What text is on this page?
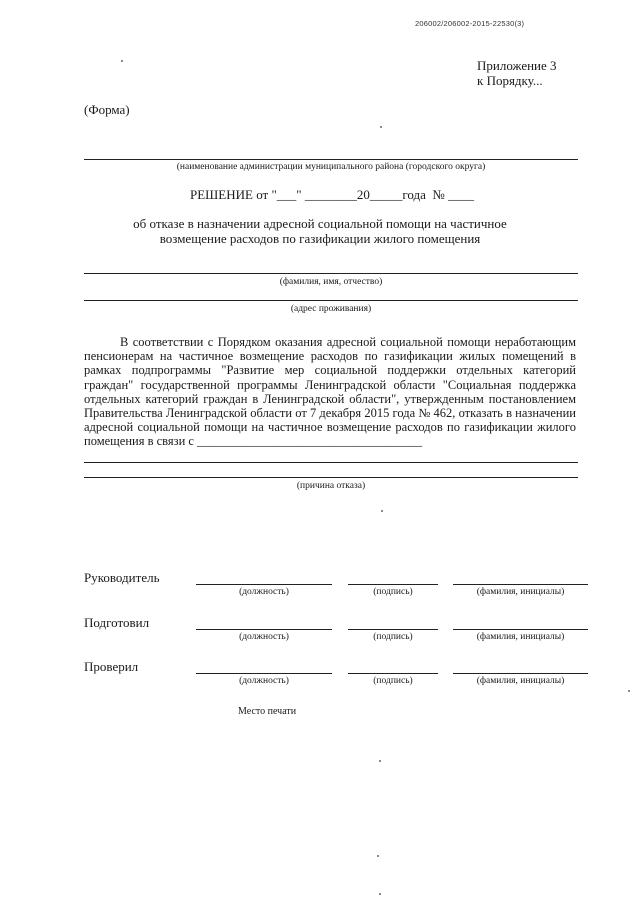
206002/206002-2015-22530(3)
Приложение 3
к Порядку...
(Форма)
(наименование администрации муниципального района (городского округа)
РЕШЕНИЕ от "___" ________20_____года  № ____
об отказе в назначении адресной социальной помощи на частичное
возмещение расходов по газификации жилого помещения
(фамилия, имя, отчество)
(адрес проживания)

В соответствии с Порядком оказания адресной социальной помощи неработающим пенсионерам на частичное возмещение расходов по газификации жилых помещений в рамках подпрограммы "Развитие мер социальной поддержки отдельных категорий граждан" государственной программы Ленинградской области "Социальная поддержка отдельных категорий граждан в Ленинградской области", утвержденным постановлением Правительства Ленинградской области от 7 декабря 2015 года № 462, отказать в назначении адресной социальной помощи на частичное возмещение расходов по газификации жилого помещения в связи с ____________________________________

(причина отказа)
Руководитель
(должность)	(подпись)	(фамилия, инициалы)
Подготовил
(должность)	(подпись)	(фамилия, инициалы)
Проверил
(должность)	(подпись)	(фамилия, инициалы)
Место печати
